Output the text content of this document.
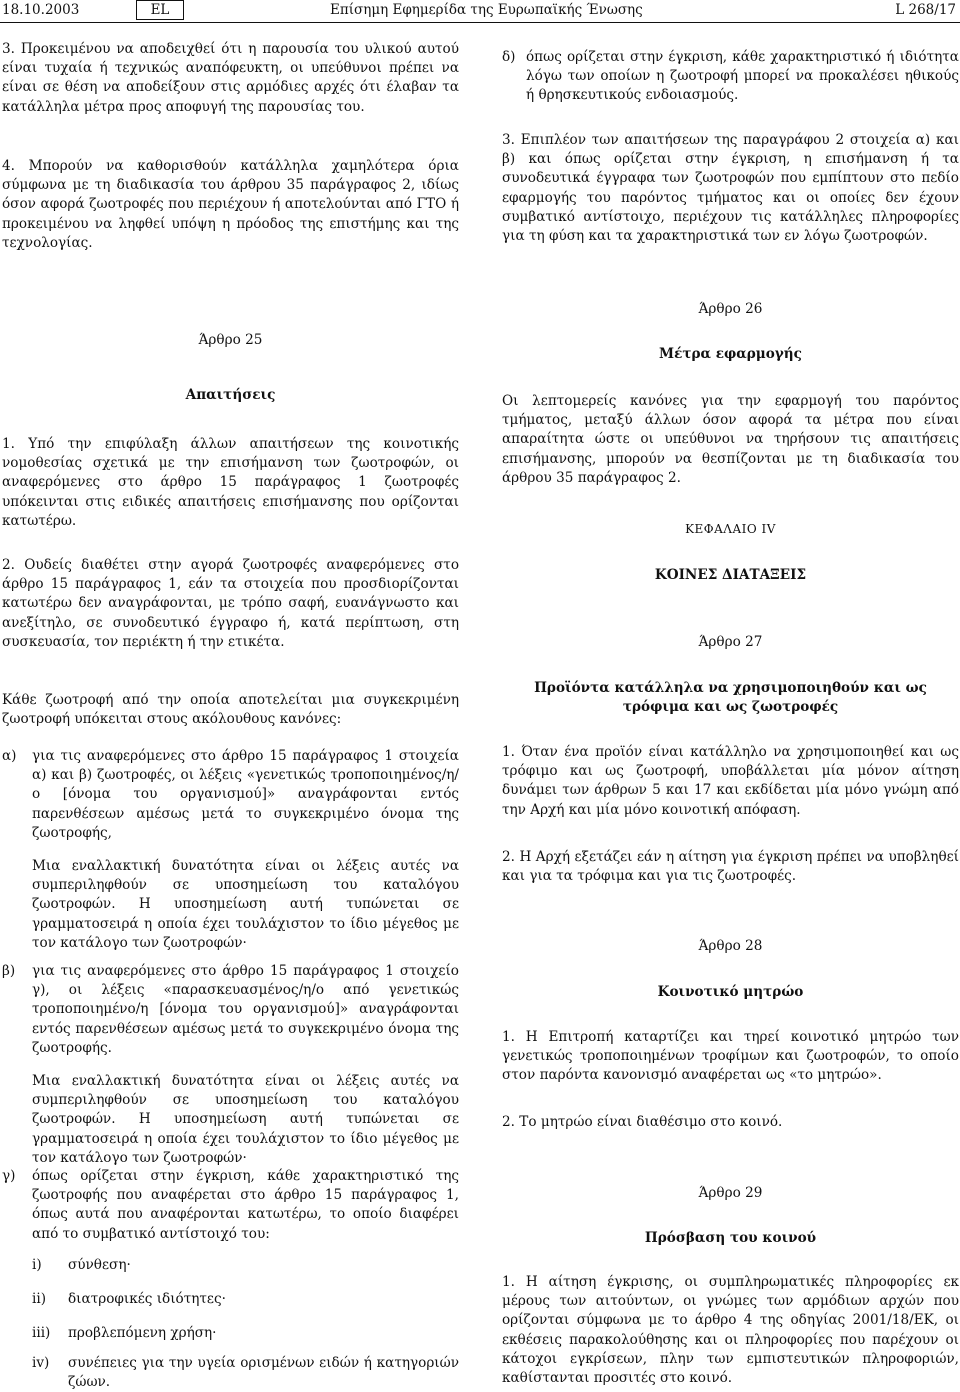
18.10.2003	EL	Επίσημη Εφημερίδα της Ευρωπαϊκής Ένωσης	L 268/17

3. Προκειμένου να αποδειχθεί ότι η παρουσία του υλικού αυτού είναι τυχαία ή τεχνικώς αναπόφευκτη, οι υπεύθυνοι πρέπει να είναι σε θέση να αποδείξουν στις αρμόδιες αρχές ότι έλαβαν τα κατάλληλα μέτρα προς αποφυγή της παρουσίας του.

4. Μπορούν να καθορισθούν κατάλληλα χαμηλότερα όρια σύμφωνα με τη διαδικασία του άρθρου 35 παράγραφος 2, ιδίως όσον αφορά ζωοτροφές που περιέχουν ή αποτελούνται από ΓΤΟ ή προκειμένου να ληφθεί υπόψη η πρόοδος της επιστήμης και της τεχνολογίας.

Άρθρο 25
Απαιτήσεις

1. Υπό την επιφύλαξη άλλων απαιτήσεων της κοινοτικής νομοθεσίας σχετικά με την επισήμανση των ζωοτροφών, οι αναφερόμενες στο άρθρο 15 παράγραφος 1 ζωοτροφές υπόκεινται στις ειδικές απαιτήσεις επισήμανσης που ορίζονται κατωτέρω.

2. Ουδείς διαθέτει στην αγορά ζωοτροφές αναφερόμενες στο άρθρο 15 παράγραφος 1, εάν τα στοιχεία που προσδιορίζονται κατωτέρω δεν αναγράφονται, με τρόπο σαφή, ευανάγνωστο και ανεξίτηλο, σε συνοδευτικό έγγραφο ή, κατά περίπτωση, στη συσκευασία, τον περιέκτη ή την ετικέτα.

Κάθε ζωοτροφή από την οποία αποτελείται μια συγκεκριμένη ζωοτροφή υπόκειται στους ακόλουθους κανόνες:

α) για τις αναφερόμενες στο άρθρο 15 παράγραφος 1 στοιχεία α) και β) ζωοτροφές, οι λέξεις «γενετικώς τροποποιημένος/η/ο [όνομα του οργανισμού]» αναγράφονται εντός παρενθέσεων αμέσως μετά το συγκεκριμένο όνομα της ζωοτροφής,

Μια εναλλακτική δυνατότητα είναι οι λέξεις αυτές να συμπεριληφθούν σε υποσημείωση του καταλόγου ζωοτροφών. Η υποσημείωση αυτή τυπώνεται σε γραμματοσειρά η οποία έχει τουλάχιστον το ίδιο μέγεθος με τον κατάλογο των ζωοτροφών·

β) για τις αναφερόμενες στο άρθρο 15 παράγραφος 1 στοιχείο γ), οι λέξεις «παρασκευασμένος/η/ο από γενετικώς τροποποιημένο/η [όνομα του οργανισμού]» αναγράφονται εντός παρενθέσεων αμέσως μετά το συγκεκριμένο όνομα της ζωοτροφής.

Μια εναλλακτική δυνατότητα είναι οι λέξεις αυτές να συμπεριληφθούν σε υποσημείωση του καταλόγου ζωοτροφών. Η υποσημείωση αυτή τυπώνεται σε γραμματοσειρά η οποία έχει τουλάχιστον το ίδιο μέγεθος με τον κατάλογο των ζωοτροφών·

γ) όπως ορίζεται στην έγκριση, κάθε χαρακτηριστικό της ζωοτροφής που αναφέρεται στο άρθρο 15 παράγραφος 1, όπως αυτά που αναφέρονται κατωτέρω, το οποίο διαφέρει από το συμβατικό αντίστοιχό του:
i) σύνθεση·
ii) διατροφικές ιδιότητες·
iii) προβλεπόμενη χρήση·
iv) συνέπειες για την υγεία ορισμένων ειδών ή κατηγοριών ζώων.
δ) όπως ορίζεται στην έγκριση, κάθε χαρακτηριστικό ή ιδιότητα λόγω των οποίων η ζωοτροφή μπορεί να προκαλέσει ηθικούς ή θρησκευτικούς ενδοιασμούς.

3. Επιπλέον των απαιτήσεων της παραγράφου 2 στοιχεία α) και β) και όπως ορίζεται στην έγκριση, η επισήμανση ή τα συνοδευτικά έγγραφα των ζωοτροφών που εμπίπτουν στο πεδίο εφαρμογής του παρόντος τμήματος και οι οποίες δεν έχουν συμβατικό αντίστοιχο, περιέχουν τις κατάλληλες πληροφορίες για τη φύση και τα χαρακτηριστικά των εν λόγω ζωοτροφών.

Άρθρο 26
Μέτρα εφαρμογής

Οι λεπτομερείς κανόνες για την εφαρμογή του παρόντος τμήματος, μεταξύ άλλων όσον αφορά τα μέτρα που είναι απαραίτητα ώστε οι υπεύθυνοι να τηρήσουν τις απαιτήσεις επισήμανσης, μπορούν να θεσπίζονται με τη διαδικασία του άρθρου 35 παράγραφος 2.

ΚΕΦΑΛΑΙΟ IV
ΚΟΙΝΕΣ ΔΙΑΤΑΞΕΙΣ
Άρθρο 27
Προϊόντα κατάλληλα να χρησιμοποιηθούν και ως τρόφιμα και ως ζωοτροφές

1. Όταν ένα προϊόν είναι κατάλληλο να χρησιμοποιηθεί και ως τρόφιμο και ως ζωοτροφή, υποβάλλεται μία μόνον αίτηση δυνάμει των άρθρων 5 και 17 και εκδίδεται μία μόνο γνώμη από την Αρχή και μία μόνο κοινοτική απόφαση.

2. Η Αρχή εξετάζει εάν η αίτηση για έγκριση πρέπει να υποβληθεί και για τα τρόφιμα και για τις ζωοτροφές.

Άρθρο 28
Κοινοτικό μητρώο

1. Η Επιτροπή καταρτίζει και τηρεί κοινοτικό μητρώο των γενετικώς τροποποιημένων τροφίμων και ζωοτροφών, το οποίο στον παρόντα κανονισμό αναφέρεται ως «το μητρώο».

2. Το μητρώο είναι διαθέσιμο στο κοινό.

Άρθρο 29
Πρόσβαση του κοινού

1. Η αίτηση έγκρισης, οι συμπληρωματικές πληροφορίες εκ μέρους των αιτούντων, οι γνώμες των αρμόδιων αρχών που ορίζονται σύμφωνα με το άρθρο 4 της οδηγίας 2001/18/ΕΚ, οι εκθέσεις παρακολούθησης και οι πληροφορίες που παρέχουν οι κάτοχοι εγκρίσεων, πλην των εμπιστευτικών πληροφοριών, καθίστανται προσιτές στο κοινό.
